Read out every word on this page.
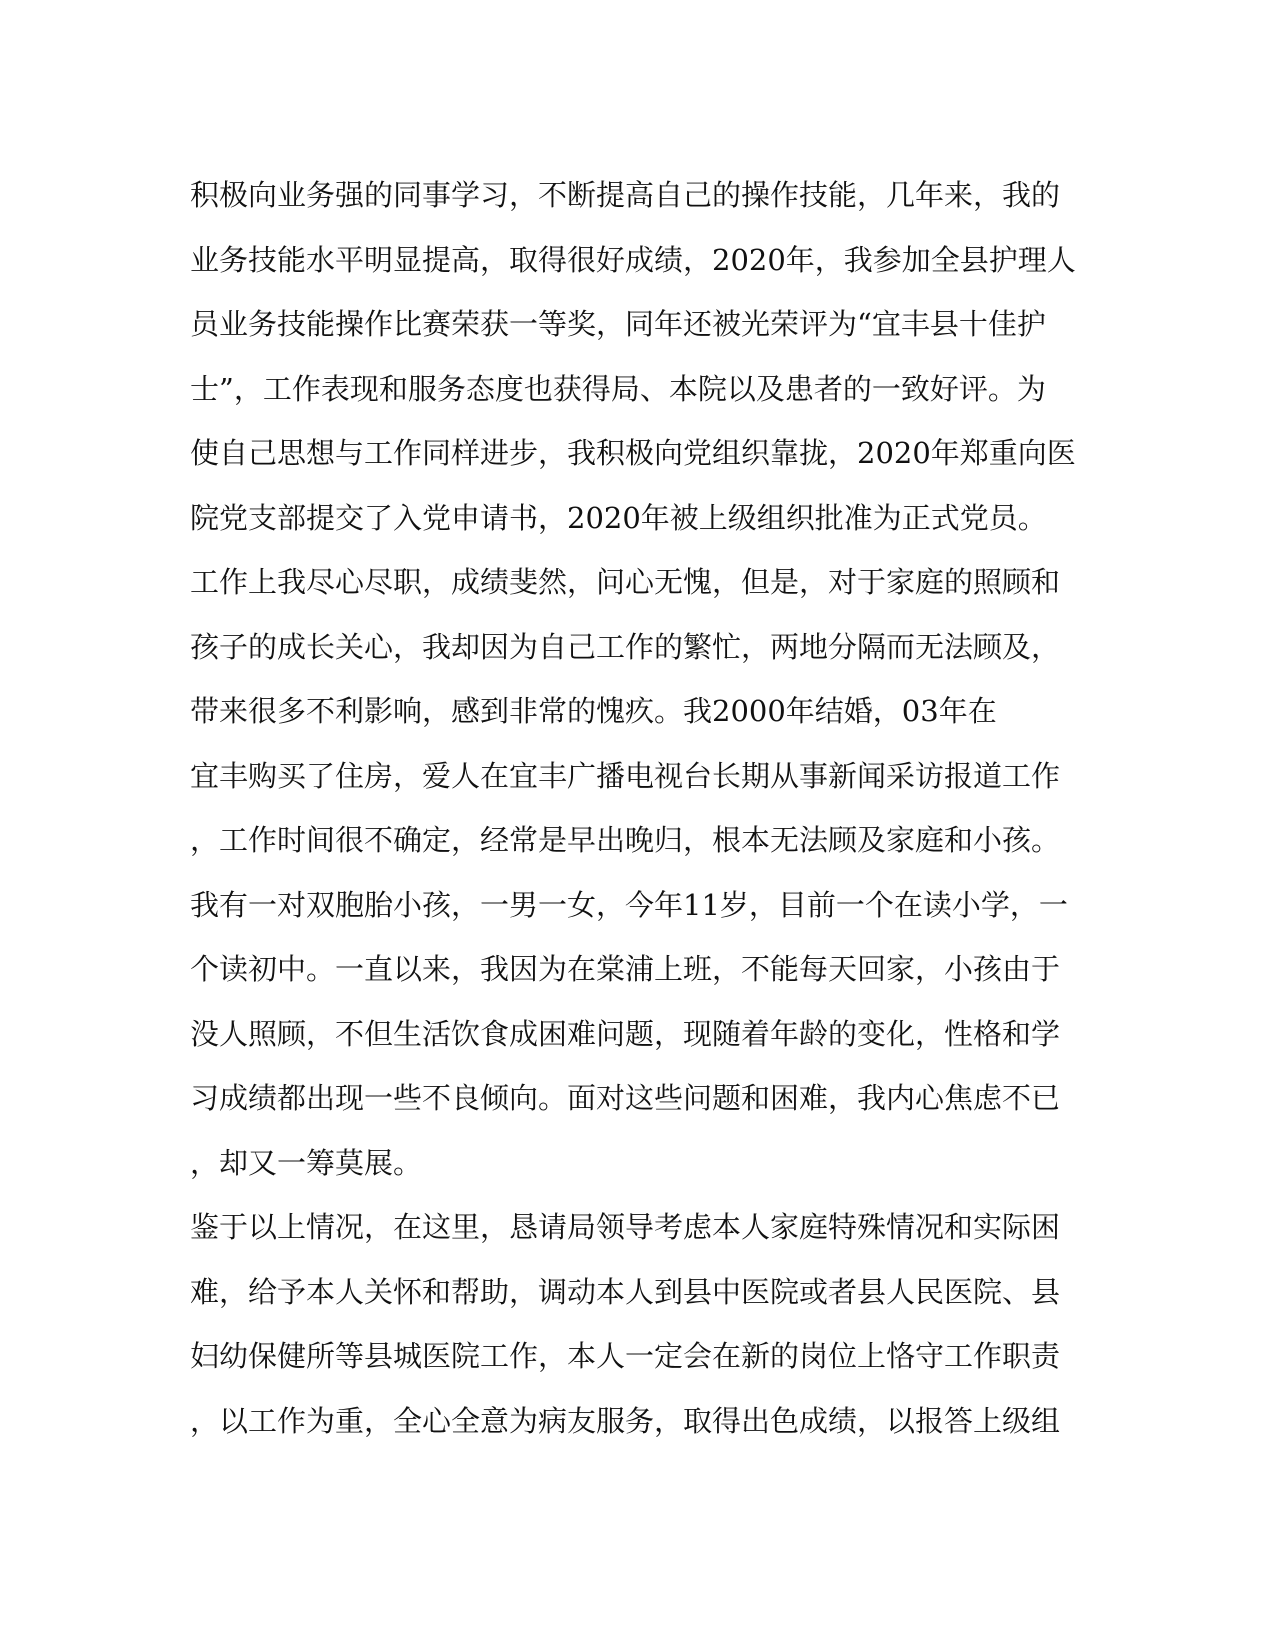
积极向业务强的同事学习，不断提高自己的操作技能，几年来，我的
业务技能水平明显提高，取得很好成绩，2020年，我参加全县护理人
员业务技能操作比赛荣获一等奖，同年还被光荣评为“宜丰县十佳护
士”，工作表现和服务态度也获得局、本院以及患者的一致好评。为
使自己思想与工作同样进步，我积极向党组织靠拢，2020年郑重向医
院党支部提交了入党申请书，2020年被上级组织批准为正式党员。
工作上我尽心尽职，成绩斐然，问心无愧，但是，对于家庭的照顾和
孩子的成长关心，我却因为自己工作的繁忙，两地分隔而无法顾及，
带来很多不利影响，感到非常的愧疚。我2000年结婚，03年在
宜丰购买了住房，爱人在宜丰广播电视台长期从事新闻采访报道工作
，工作时间很不确定，经常是早出晚归，根本无法顾及家庭和小孩。
我有一对双胞胎小孩，一男一女，今年11岁，目前一个在读小学，一
个读初中。一直以来，我因为在棠浦上班，不能每天回家，小孩由于
没人照顾，不但生活饮食成困难问题，现随着年龄的变化，性格和学
习成绩都出现一些不良倾向。面对这些问题和困难，我内心焦虑不已
，却又一筹莫展。
鉴于以上情况，在这里，恳请局领导考虑本人家庭特殊情况和实际困
难，给予本人关怀和帮助，调动本人到县中医院或者县人民医院、县
妇幼保健所等县城医院工作，本人一定会在新的岗位上恪守工作职责
，以工作为重，全心全意为病友服务，取得出色成绩，以报答上级组
